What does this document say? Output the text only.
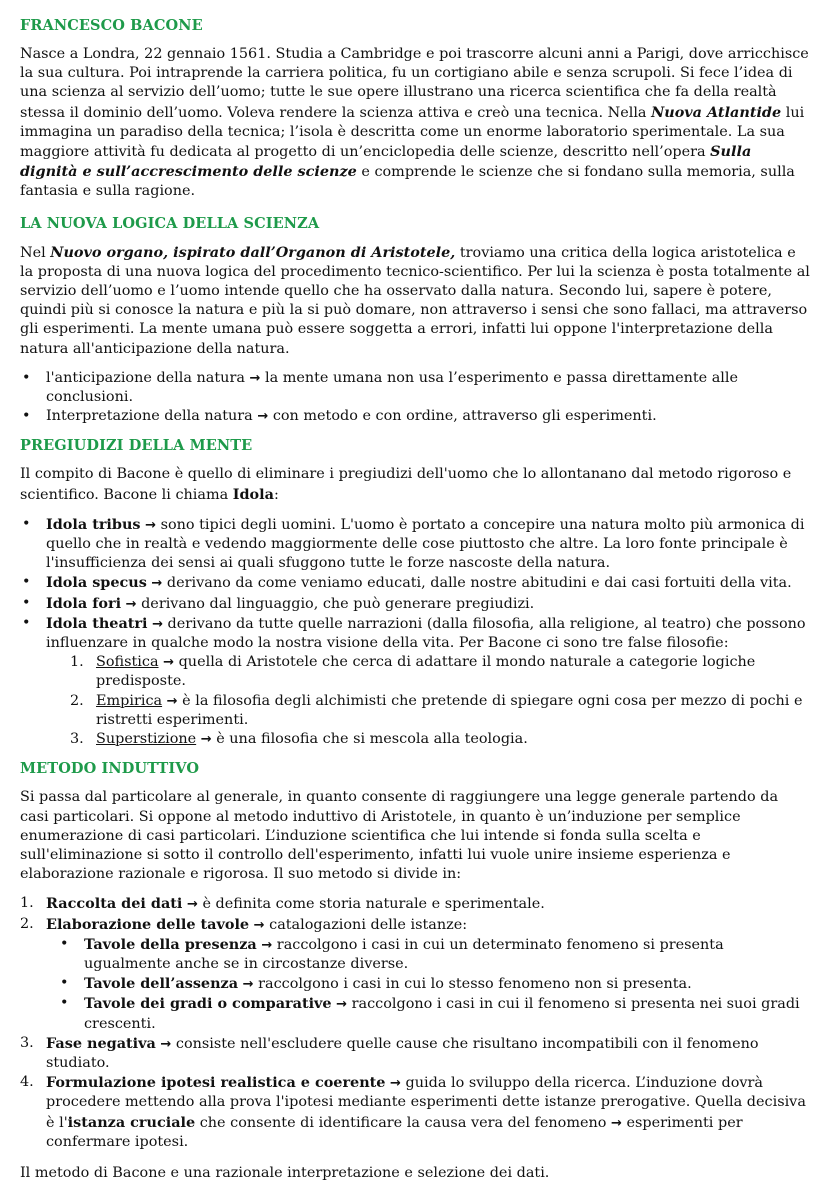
FRANCESCO BACONE

Nasce a Londra, 22 gennaio 1561. Studia a Cambridge e poi trascorre alcuni anni a Parigi, dove arricchisce la sua cultura. Poi intraprende la carriera politica, fu un cortigiano abile e senza scrupoli. Si fece l’idea di una scienza al servizio dell’uomo; tutte le sue opere illustrano una ricerca scientifica che fa della realtà stessa il dominio dell’uomo. Voleva rendere la scienza attiva e creò una tecnica. Nella Nuova Atlantide lui immagina un paradiso della tecnica; l’isola è descritta come un enorme laboratorio sperimentale. La sua maggiore attività fu dedicata al progetto di un’enciclopedia delle scienze, descritto nell’opera Sulla dignità e sull’accrescimento delle scienze e comprende le scienze che si fondano sulla memoria, sulla fantasia e sulla ragione.

LA NUOVA LOGICA DELLA SCIENZA

Nel Nuovo organo, ispirato dall’Organon di Aristotele, troviamo una critica della logica aristotelica e la proposta di una nuova logica del procedimento tecnico-scientifico. Per lui la scienza è posta totalmente al servizio dell’uomo e l’uomo intende quello che ha osservato dalla natura. Secondo lui, sapere è potere, quindi più si conosce la natura e più la si può domare, non attraverso i sensi che sono fallaci, ma attraverso gli esperimenti. La mente umana può essere soggetta a errori, infatti lui oppone l'interpretazione della natura all'anticipazione della natura.

• l'anticipazione della natura → la mente umana non usa l’esperimento e passa direttamente alle conclusioni.
• Interpretazione della natura → con metodo e con ordine, attraverso gli esperimenti.
PREGIUDIZI DELLA MENTE

Il compito di Bacone è quello di eliminare i pregiudizi dell'uomo che lo allontanano dal metodo rigoroso e scientifico. Bacone li chiama Idola:

• Idola tribus → sono tipici degli uomini. L'uomo è portato a concepire una natura molto più armonica di quello che in realtà e vedendo maggiormente delle cose piuttosto che altre. La loro fonte principale è l'insufficienza dei sensi ai quali sfuggono tutte le forze nascoste della natura.
• Idola specus → derivano da come veniamo educati, dalle nostre abitudini e dai casi fortuiti della vita.
• Idola fori → derivano dal linguaggio, che può generare pregiudizi.
• Idola theatri → derivano da tutte quelle narrazioni (dalla filosofia, alla religione, al teatro) che possono influenzare in qualche modo la nostra visione della vita. Per Bacone ci sono tre false filosofie:
1. Sofistica → quella di Aristotele che cerca di adattare il mondo naturale a categorie logiche predisposte.
2. Empirica → è la filosofia degli alchimisti che pretende di spiegare ogni cosa per mezzo di pochi e ristretti esperimenti.
3. Superstizione → è una filosofia che si mescola alla teologia.
METODO INDUTTIVO

Si passa dal particolare al generale, in quanto consente di raggiungere una legge generale partendo da casi particolari. Si oppone al metodo induttivo di Aristotele, in quanto è un’induzione per semplice enumerazione di casi particolari. L’induzione scientifica che lui intende si fonda sulla scelta e sull'eliminazione si sotto il controllo dell'esperimento, infatti lui vuole unire insieme esperienza e elaborazione razionale e rigorosa. Il suo metodo si divide in:

1. Raccolta dei dati → è definita come storia naturale e sperimentale.
2. Elaborazione delle tavole → catalogazioni delle istanze:
• Tavole della presenza → raccolgono i casi in cui un determinato fenomeno si presenta ugualmente anche se in circostanze diverse.
• Tavole dell’assenza → raccolgono i casi in cui lo stesso fenomeno non si presenta.
• Tavole dei gradi o comparative → raccolgono i casi in cui il fenomeno si presenta nei suoi gradi crescenti.
3. Fase negativa → consiste nell'escludere quelle cause che risultano incompatibili con il fenomeno studiato.
4. Formulazione ipotesi realistica e coerente → guida lo sviluppo della ricerca. L’induzione dovrà procedere mettendo alla prova l'ipotesi mediante esperimenti dette istanze prerogative. Quella decisiva è l'istanza cruciale che consente di identificare la causa vera del fenomeno → esperimenti per confermare ipotesi.

Il metodo di Bacone e una razionale interpretazione e selezione dei dati.
